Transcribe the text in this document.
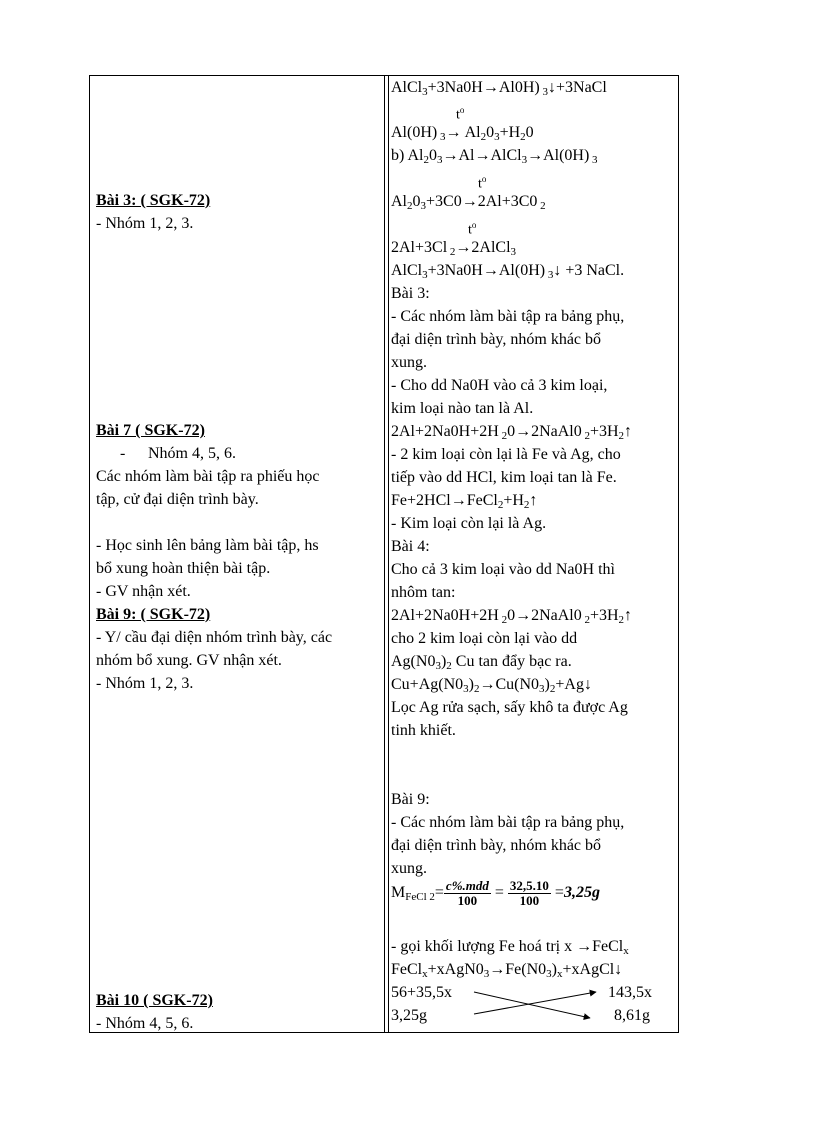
Bài 3: ( SGK-72)
- Nhóm 1, 2, 3.
Bài 7 ( SGK-72)
- Nhóm 4, 5, 6.
Các nhóm làm bài tập ra phiếu học
tập, cử đại diện trình bày.
- Học sinh lên bảng làm bài tập, hs
bổ xung hoàn thiện bài tập.
- GV nhận xét.
Bài 9: ( SGK-72)
- Y/ cầu đại diện nhóm trình bày, các
nhóm bổ xung. GV nhận xét.
- Nhóm 1, 2, 3.
Bài 10 ( SGK-72)
- Nhóm 4, 5, 6.
AlCl$_3$+3Na0H→Al0H) $_3$↓+3NaCl
$t^o$
Al(0H) $_3\to Al_20_3+H_20$
b) $Al_20_3\to Al\to AlCl_3\to Al(0H)$ $_3$
$t^o$
$Al_20_3+3C0\to 2Al+3C0$ $_2$
$t^o$
2Al+3Cl $_2$→2AlCl$_3$
AlCl$_3$+3Na0H→Al(0H) $_3$↓ +3 NaCl.
Bài 3:
- Các nhóm làm bài tập ra bảng phụ,
đại diện trình bày, nhóm khác bổ
xung.
- Cho dd Na0H vào cả 3 kim loại,
kim loại nào tan là Al.
2Al+2Na0H+2H $_2$0→2NaAl0 $_2+3H_2↑$
- 2 kim loại còn lại là Fe và Ag, cho
tiếp vào dd HCl, kim loại tan là Fe.
$Fe+2HCl\to FeCl_2+H_2↑$
- Kim loại còn lại là Ag.
Bài 4:
Cho cả 3 kim loại vào dd Na0H thì
nhôm tan:
2Al+2Na0H+2H $_2$0→2NaAl0 $_2+3H_2↑$
cho 2 kim loại còn lại vào dd
$Ag(N0_3)_2$ Cu tan đẩy bạc ra.
$Cu+Ag(N0_3)_2\to Cu(N0_3)_2+Ag↓$
Lọc Ag rửa sạch, sấy khô ta được Ag
tinh khiết.
Bài 9:
- Các nhóm làm bài tập ra bảng phụ,
đại diện trình bày, nhóm khác bổ
xung.
$M_{FeCl 2}= \frac{\text{c\%.mdd}}{100} = \frac{32,5.10}{100} =3,25g$
- gọi khối lượng Fe hoá trị x →FeCl$_x$
$FeCl_x+xAgN0_3\to Fe(N0_3)_x+xAgCl↓$
56+35,5x	143,5x
3,25g	8,61g
